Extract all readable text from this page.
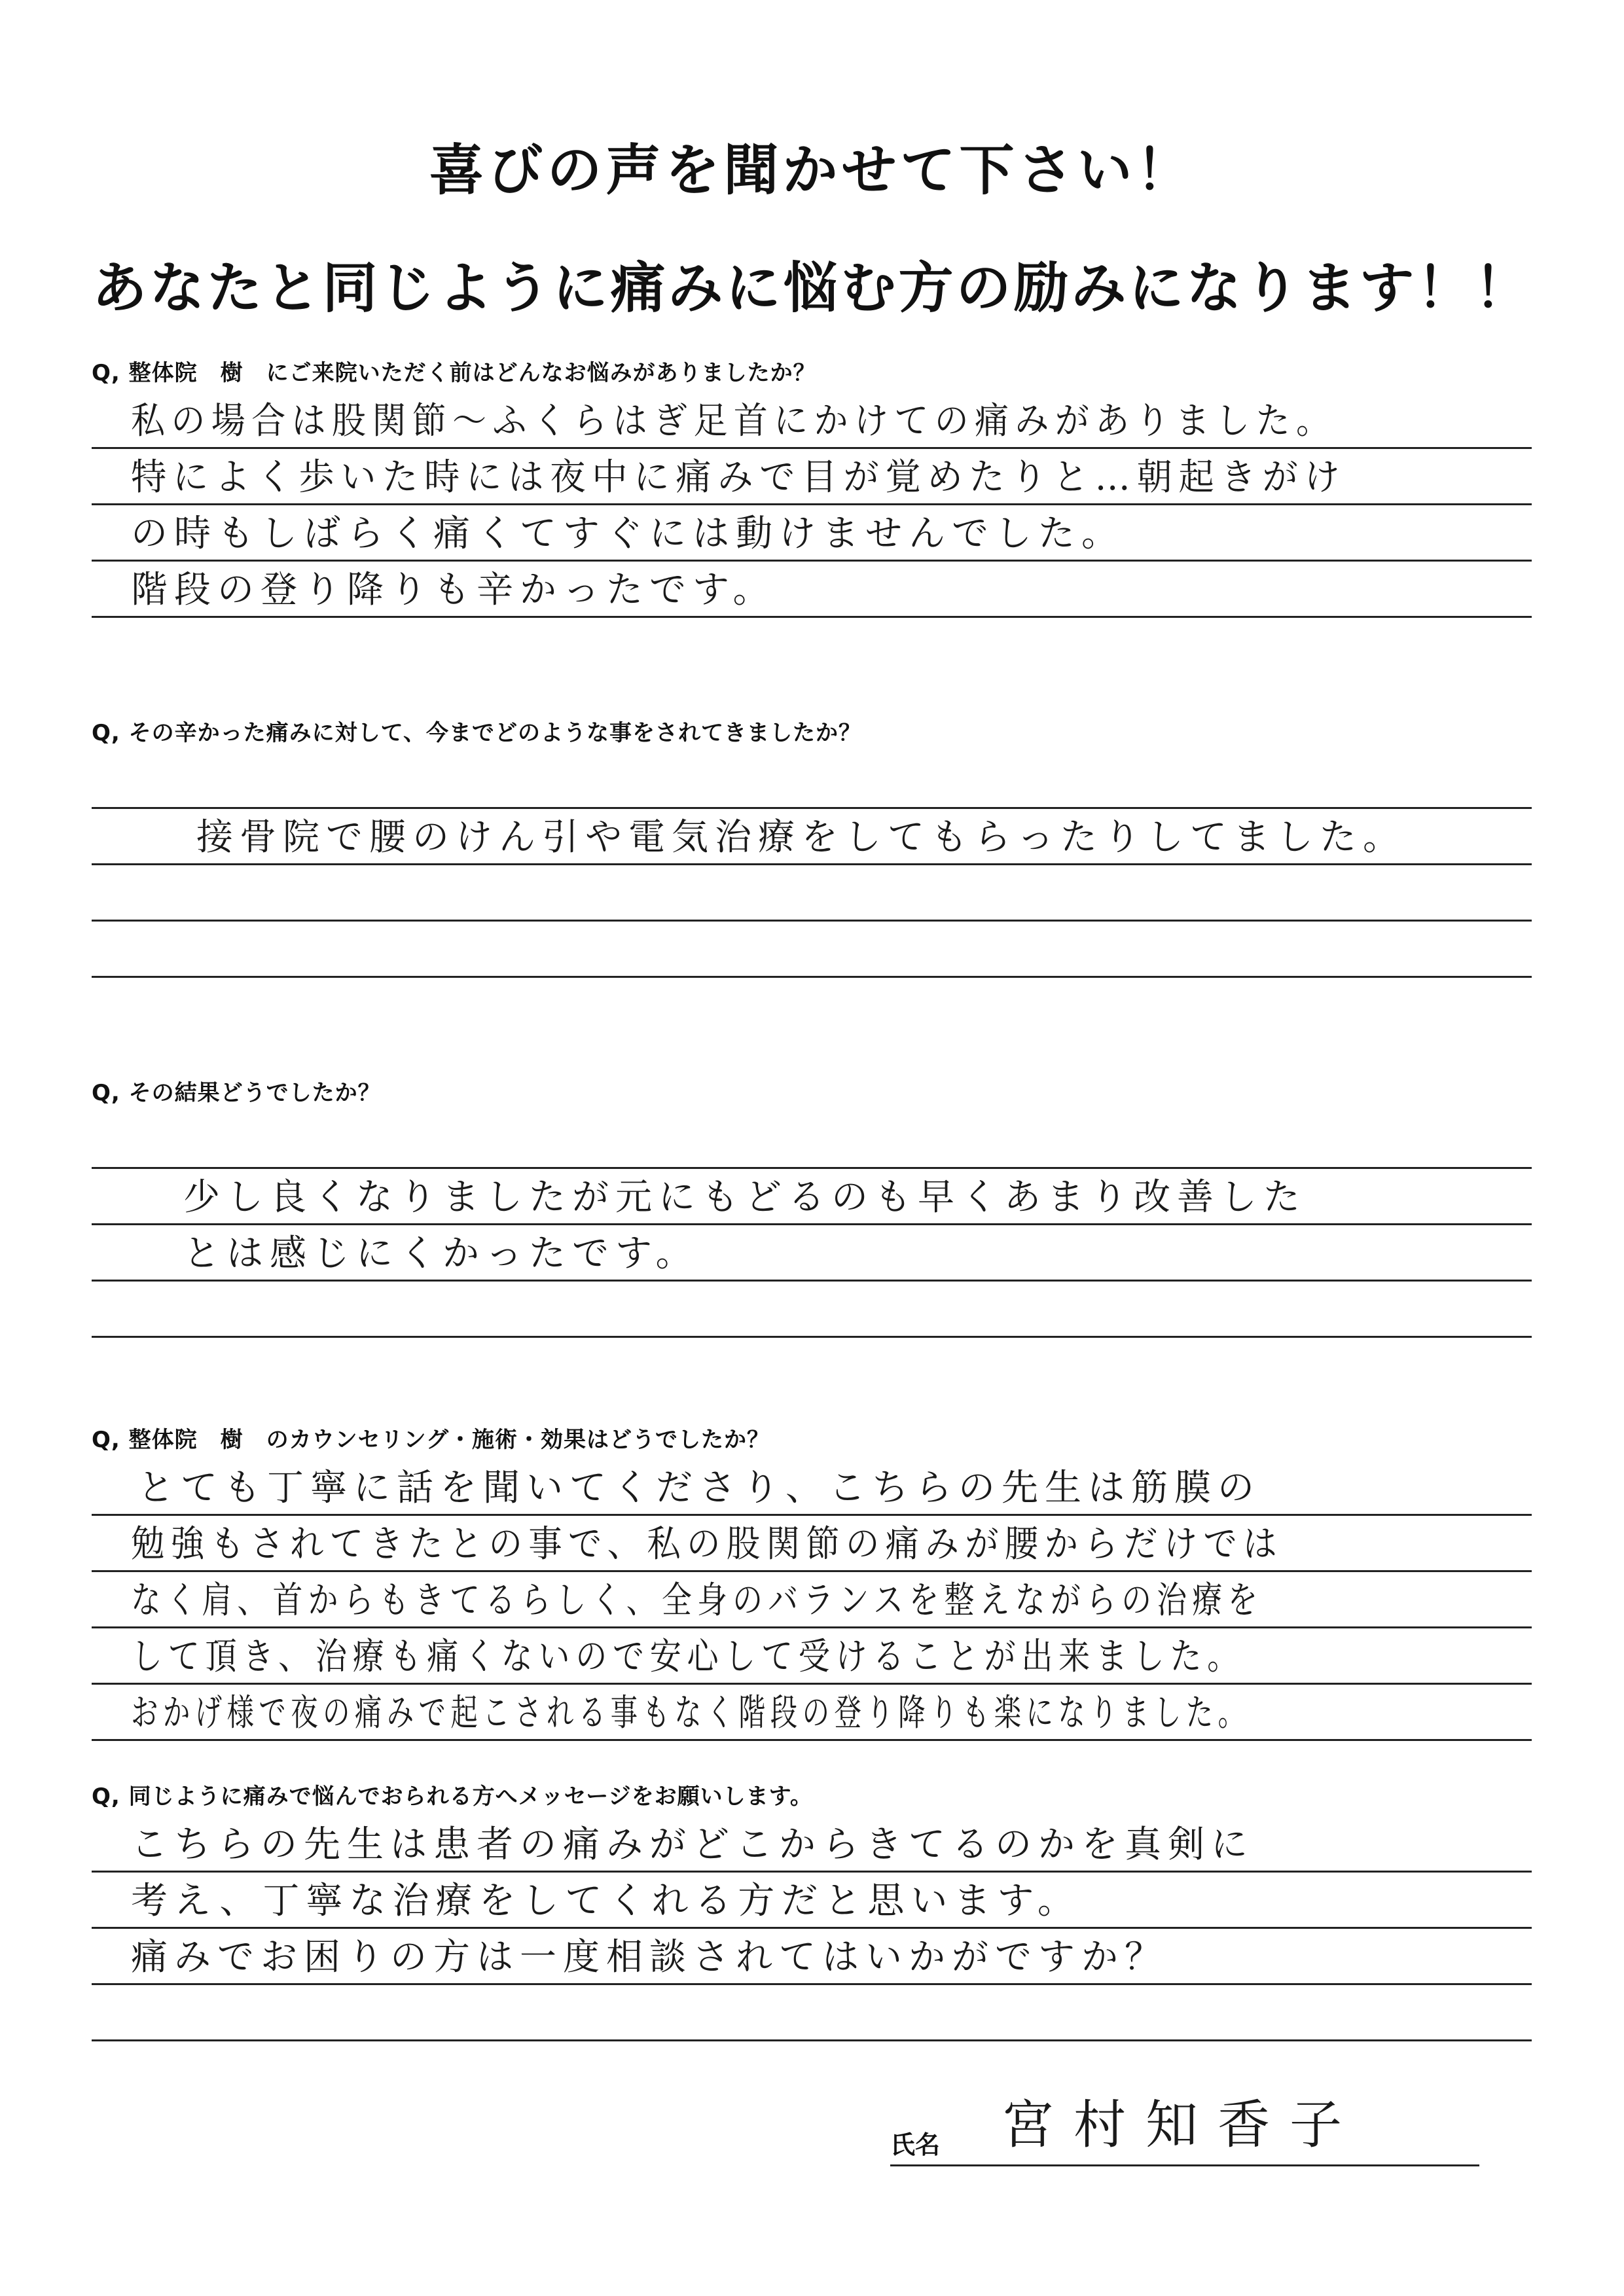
喜びの声を聞かせて下さい！
あなたと同じように痛みに悩む方の励みになります！！
Q, 整体院　樹　にご来院いただく前はどんなお悩みがありましたか？
私の場合は股関節～ふくらはぎ足首にかけての痛みがありました。
特によく歩いた時には夜中に痛みで目が覚めたりと…朝起きがけ
の時もしばらく痛くてすぐには動けませんでした。
階段の登り降りも辛かったです。
Q, その辛かった痛みに対して、今までどのような事をされてきましたか？
接骨院で腰のけん引や電気治療をしてもらったりしてました。
Q, その結果どうでしたか？
少し良くなりましたが元にもどるのも早くあまり改善した
とは感じにくかったです。
Q, 整体院　樹　のカウンセリング・施術・効果はどうでしたか？
とても丁寧に話を聞いてくださり、こちらの先生は筋膜の
勉強もされてきたとの事で、私の股関節の痛みが腰からだけでは
なく肩、首からもきてるらしく、全身のバランスを整えながらの治療を
して頂き、治療も痛くないので安心して受けることが出来ました。
おかげ様で夜の痛みで起こされる事もなく階段の登り降りも楽になりました。
Q, 同じように痛みで悩んでおられる方へメッセージをお願いします。
こちらの先生は患者の痛みがどこからきてるのかを真剣に
考え、丁寧な治療をしてくれる方だと思います。
痛みでお困りの方は一度相談されてはいかがですか？
氏名 宮村知香子
